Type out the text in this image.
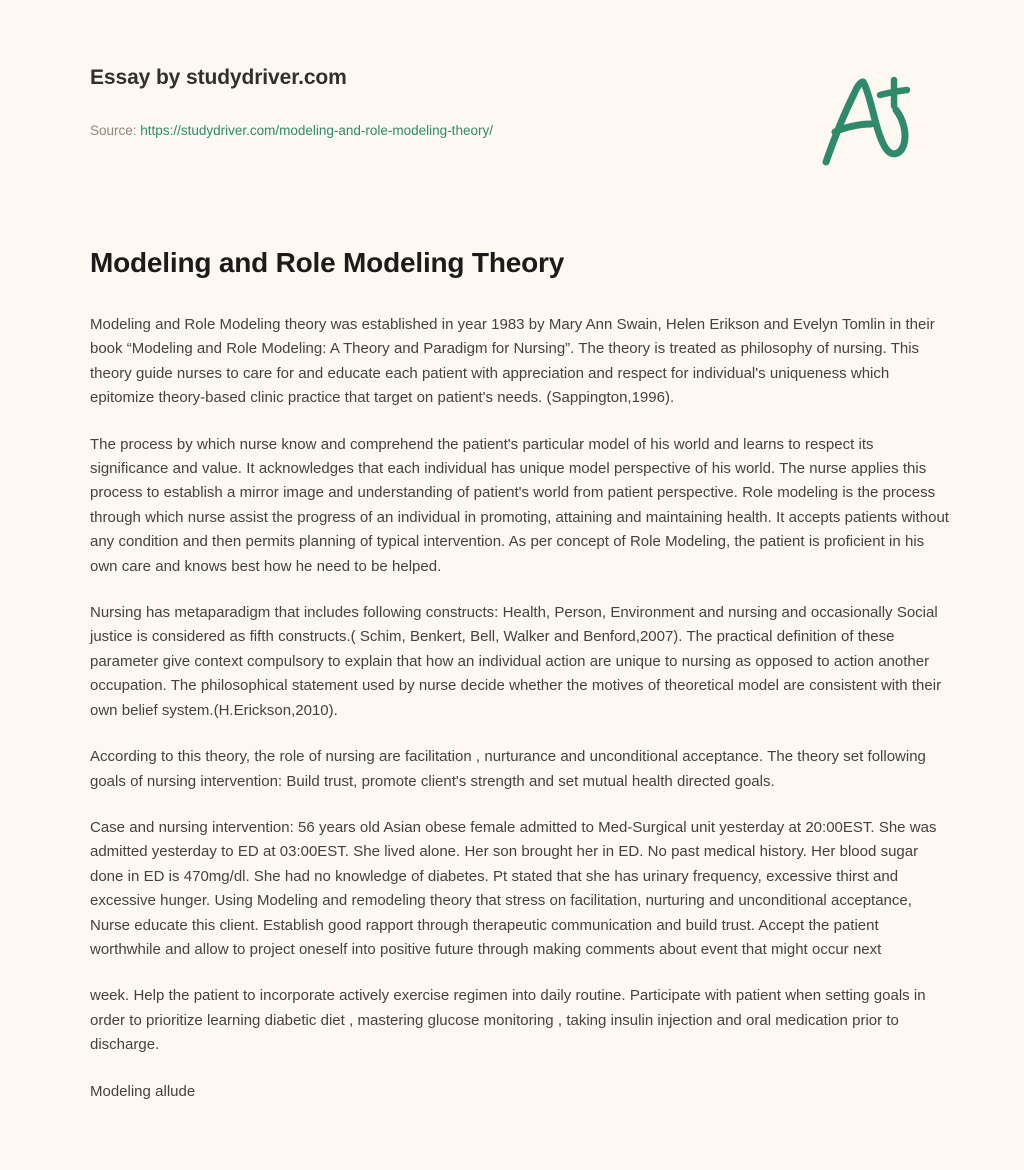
Essay by studydriver.com
Source: https://studydriver.com/modeling-and-role-modeling-theory/
Modeling and Role Modeling Theory

Modeling and Role Modeling theory was established in year 1983 by Mary Ann Swain, Helen Erikson and Evelyn Tomlin in their book “Modeling and Role Modeling: A Theory and Paradigm for Nursing”. The theory is treated as philosophy of nursing. This theory guide nurses to care for and educate each patient with appreciation and respect for individual's uniqueness which epitomize theory-based clinic practice that target on patient's needs. (Sappington,1996).

The process by which nurse know and comprehend the patient's particular model of his world and learns to respect its significance and value. It acknowledges that each individual has unique model perspective of his world. The nurse applies this process to establish a mirror image and understanding of patient's world from patient perspective. Role modeling is the process through which nurse assist the progress of an individual in promoting, attaining and maintaining health. It accepts patients without any condition and then permits planning of typical intervention. As per concept of Role Modeling, the patient is proficient in his own care and knows best how he need to be helped.

Nursing has metaparadigm that includes following constructs: Health, Person, Environment and nursing and occasionally Social justice is considered as fifth constructs.( Schim, Benkert, Bell, Walker and Benford,2007). The practical definition of these parameter give context compulsory to explain that how an individual action are unique to nursing as opposed to action another occupation. The philosophical statement used by nurse decide whether the motives of theoretical model are consistent with their own belief system.(H.Erickson,2010).

According to this theory, the role of nursing are facilitation , nurturance and unconditional acceptance. The theory set following goals of nursing intervention: Build trust, promote client's strength and set mutual health directed goals.

Case and nursing intervention: 56 years old Asian obese female admitted to Med-Surgical unit yesterday at 20:00EST. She was admitted yesterday to ED at 03:00EST. She lived alone. Her son brought her in ED. No past medical history. Her blood sugar done in ED is 470mg/dl. She had no knowledge of diabetes. Pt stated that she has urinary frequency, excessive thirst and excessive hunger. Using Modeling and remodeling theory that stress on facilitation, nurturing and unconditional acceptance, Nurse educate this client. Establish good rapport through therapeutic communication and build trust. Accept the patient worthwhile and allow to project oneself into positive future through making comments about event that might occur next

week. Help the patient to incorporate actively exercise regimen into daily routine. Participate with patient when setting goals in order to prioritize learning diabetic diet , mastering glucose monitoring , taking insulin injection and oral medication prior to discharge.

Modeling allude
